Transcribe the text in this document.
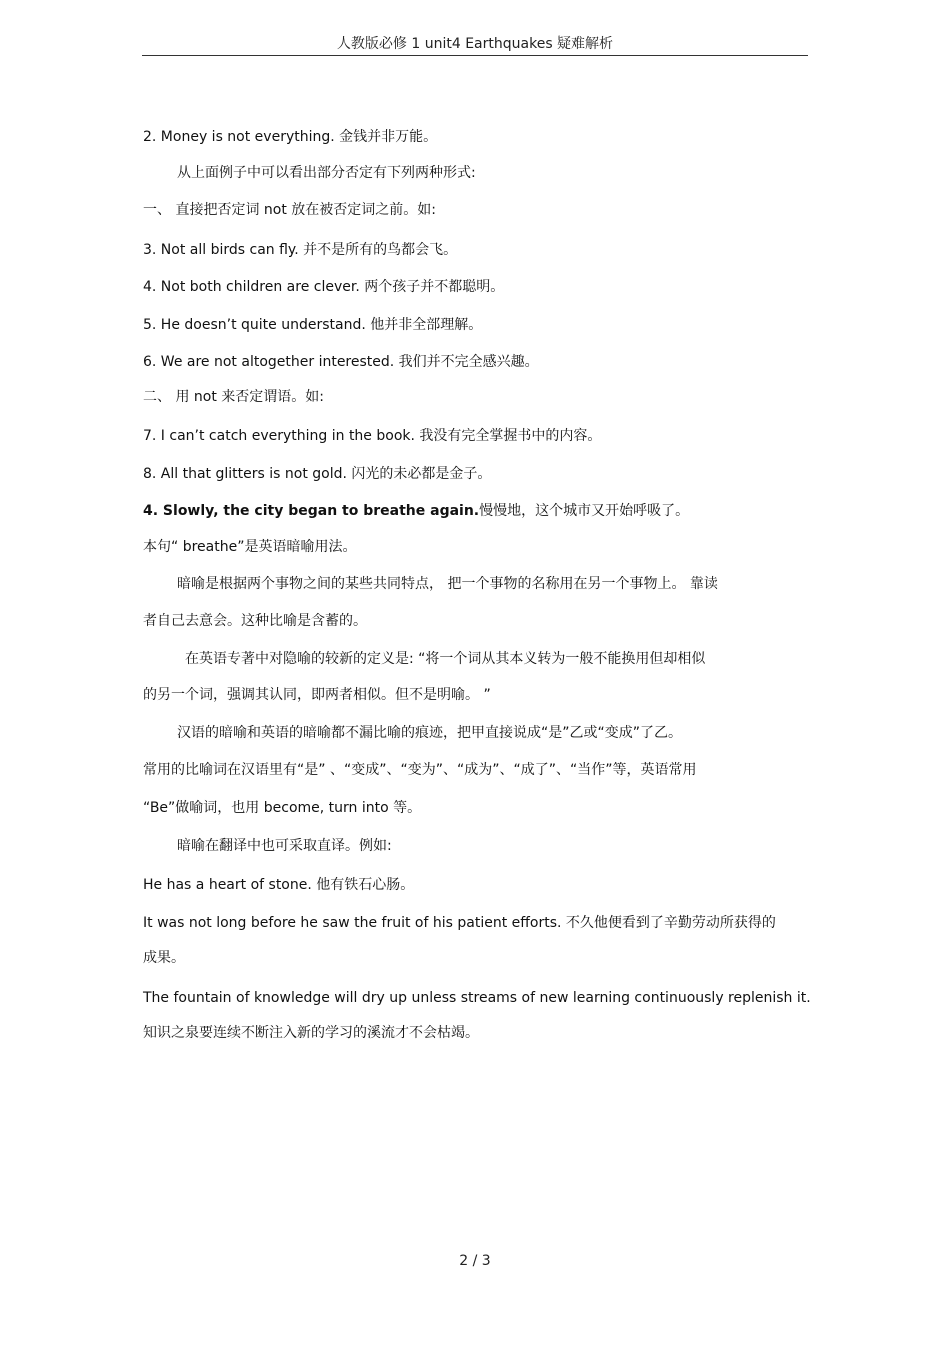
人教版必修 1 unit4 Earthquakes 疑难解析
2. Money is not everything. 金钱并非万能。
从上面例子中可以看出部分否定有下列两种形式:
一、 直接把否定词 not 放在被否定词之前。如:
3. Not all birds can fly. 并不是所有的鸟都会飞。
4. Not both children are clever. 两个孩子并不都聪明。
5. He doesn’t quite understand. 他并非全部理解。
6. We are not altogether interested. 我们并不完全感兴趣。
二、 用 not 来否定谓语。如:
7. I can’t catch everything in the book. 我没有完全掌握书中的内容。
8. All that glitters is not gold. 闪光的未必都是金子。
4. Slowly, the city began to breathe again.慢慢地，这个城市又开始呼吸了。
本句“ breathe”是英语暗喻用法。
暗喻是根据两个事物之间的某些共同特点， 把一个事物的名称用在另一个事物上。 靠读
者自己去意会。这种比喻是含蓄的。
在英语专著中对隐喻的较新的定义是: “将一个词从其本义转为一般不能换用但却相似
的另一个词，强调其认同，即两者相似。但不是明喻。 ”
汉语的暗喻和英语的暗喻都不漏比喻的痕迹，把甲直接说成“是”乙或“变成”了乙。
常用的比喻词在汉语里有“是” 、“变成”、“变为”、“成为”、“成了”、“当作”等，英语常用
“Be”做喻词，也用 become, turn into 等。
暗喻在翻译中也可采取直译。例如:
He has a heart of stone. 他有铁石心肠。
It was not long before he saw the fruit of his patient efforts. 不久他便看到了辛勤劳动所获得的
成果。
The fountain of knowledge will dry up unless streams of new learning continuously replenish it.
知识之泉要连续不断注入新的学习的溪流才不会枯竭。
2 / 3
